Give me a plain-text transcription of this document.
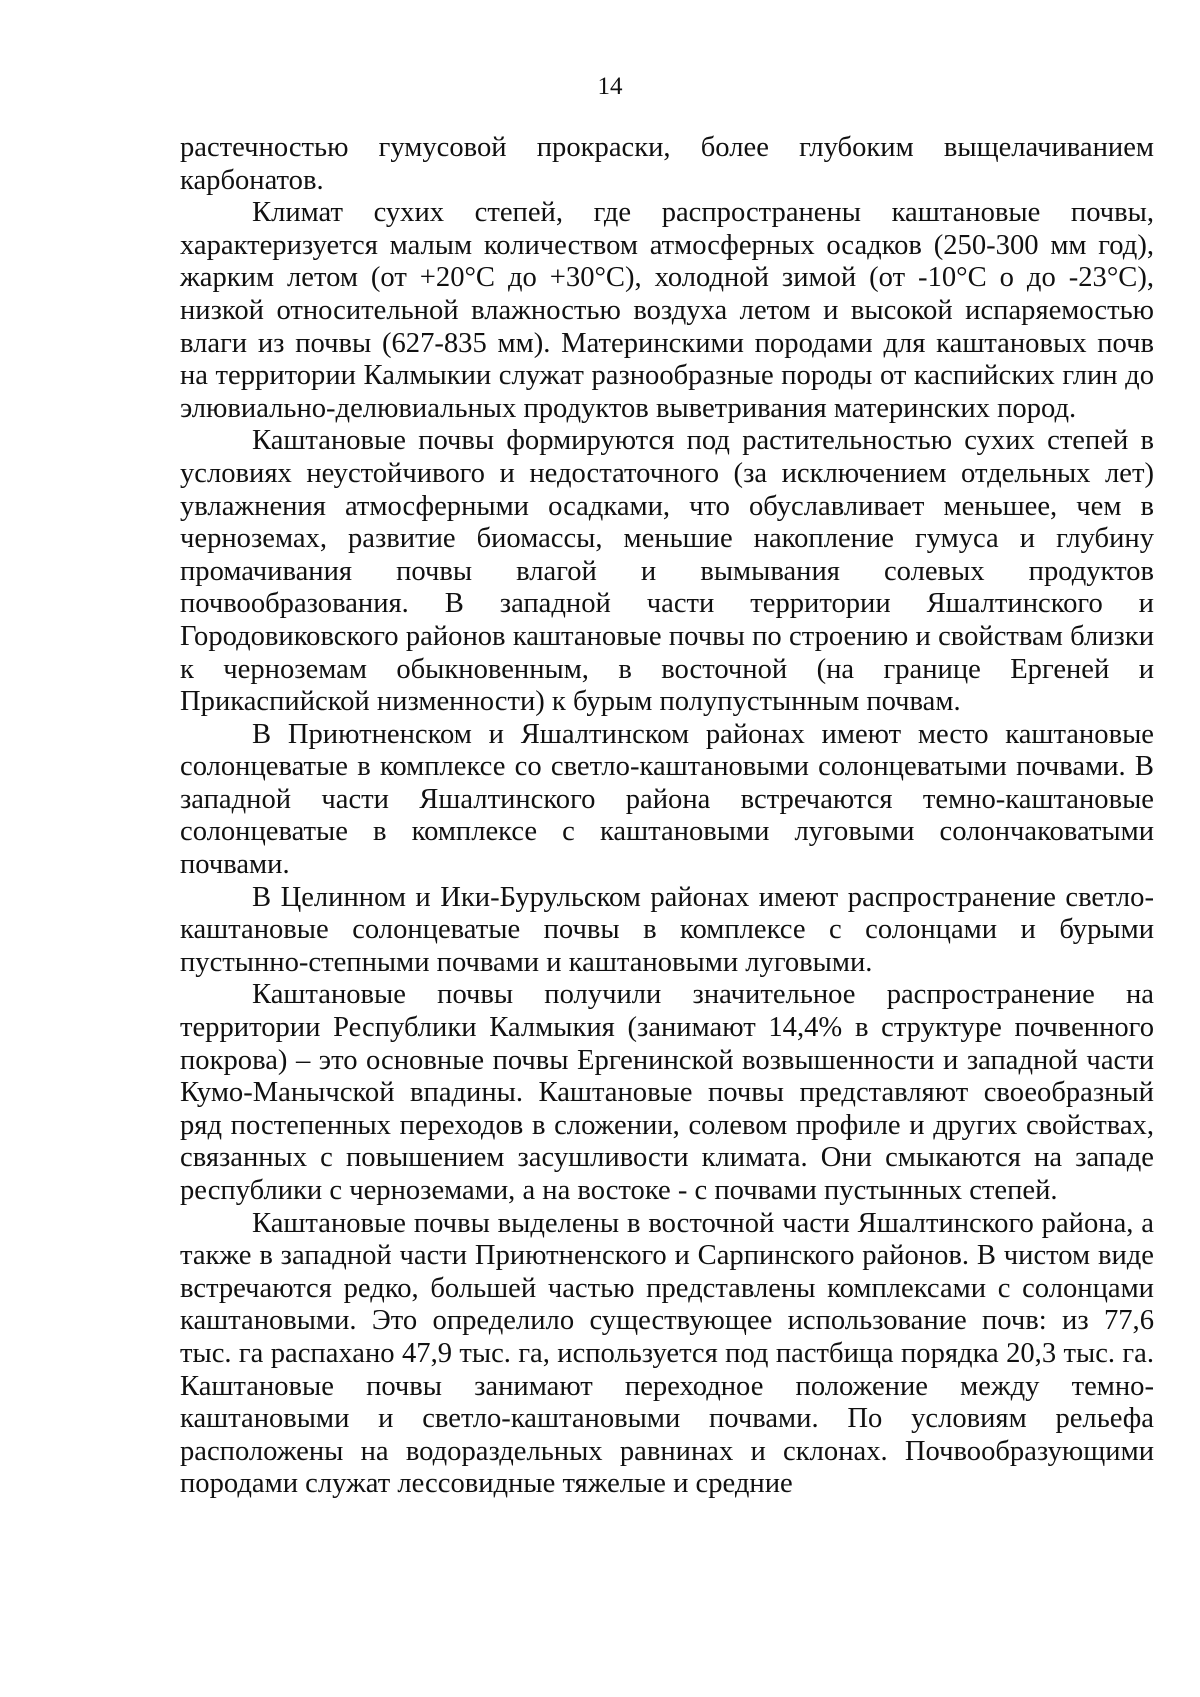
14

растечностью гумусовой прокраски, более глубоким выщелачиванием карбонатов.

Климат сухих степей, где распространены каштановые почвы, характеризуется малым количеством атмосферных осадков (250-300 мм год), жарким летом (от +20°С до +30°С), холодной зимой (от -10°С о до -23°С), низкой относительной влажностью воздуха летом и высокой испаряемостью влаги из почвы (627-835 мм). Материнскими породами для каштановых почв на территории Калмыкии служат разнообразные породы от каспийских глин до элювиально-делювиальных продуктов выветривания материнских пород.

Каштановые почвы формируются под растительностью сухих степей в условиях неустойчивого и недостаточного (за исключением отдельных лет) увлажнения атмосферными осадками, что обуславливает меньшее, чем в черноземах, развитие биомассы, меньшие накопление гумуса и глубину промачивания почвы влагой и вымывания солевых продуктов почвообразования. В западной части территории Яшалтинского и Городовиковского районов каштановые почвы по строению и свойствам близки к черноземам обыкновенным, в восточной (на границе Ергеней и Прикаспийской низменности) к бурым полупустынным почвам.

В Приютненском и Яшалтинском районах имеют место каштановые солонцеватые в комплексе со светло-каштановыми солонцеватыми почвами. В западной части Яшалтинского района встречаются темно-каштановые солонцеватые в комплексе с каштановыми луговыми солончаковатыми почвами.

В Целинном и Ики-Бурульском районах имеют распространение светло-каштановые солонцеватые почвы в комплексе с солонцами и бурыми пустынно-степными почвами и каштановыми луговыми.

Каштановые почвы получили значительное распространение на территории Республики Калмыкия (занимают 14,4% в структуре почвенного покрова) – это основные почвы Ергенинской возвышенности и западной части Кумо-Манычской впадины. Каштановые почвы представляют своеобразный ряд постепенных переходов в сложении, солевом профиле и других свойствах, связанных с повышением засушливости климата. Они смыкаются на западе республики с черноземами, а на востоке - с почвами пустынных степей.

Каштановые почвы выделены в восточной части Яшалтинского района, а также в западной части Приютненского и Сарпинского районов. В чистом виде встречаются редко, большей частью представлены комплексами с солонцами каштановыми. Это определило существующее использование почв: из 77,6 тыс. га распахано 47,9 тыс. га, используется под пастбища порядка 20,3 тыс. га. Каштановые почвы занимают переходное положение между темно-каштановыми и светло-каштановыми почвами. По условиям рельефа расположены на водораздельных равнинах и склонах. Почвообразующими породами служат лессовидные тяжелые и средние
